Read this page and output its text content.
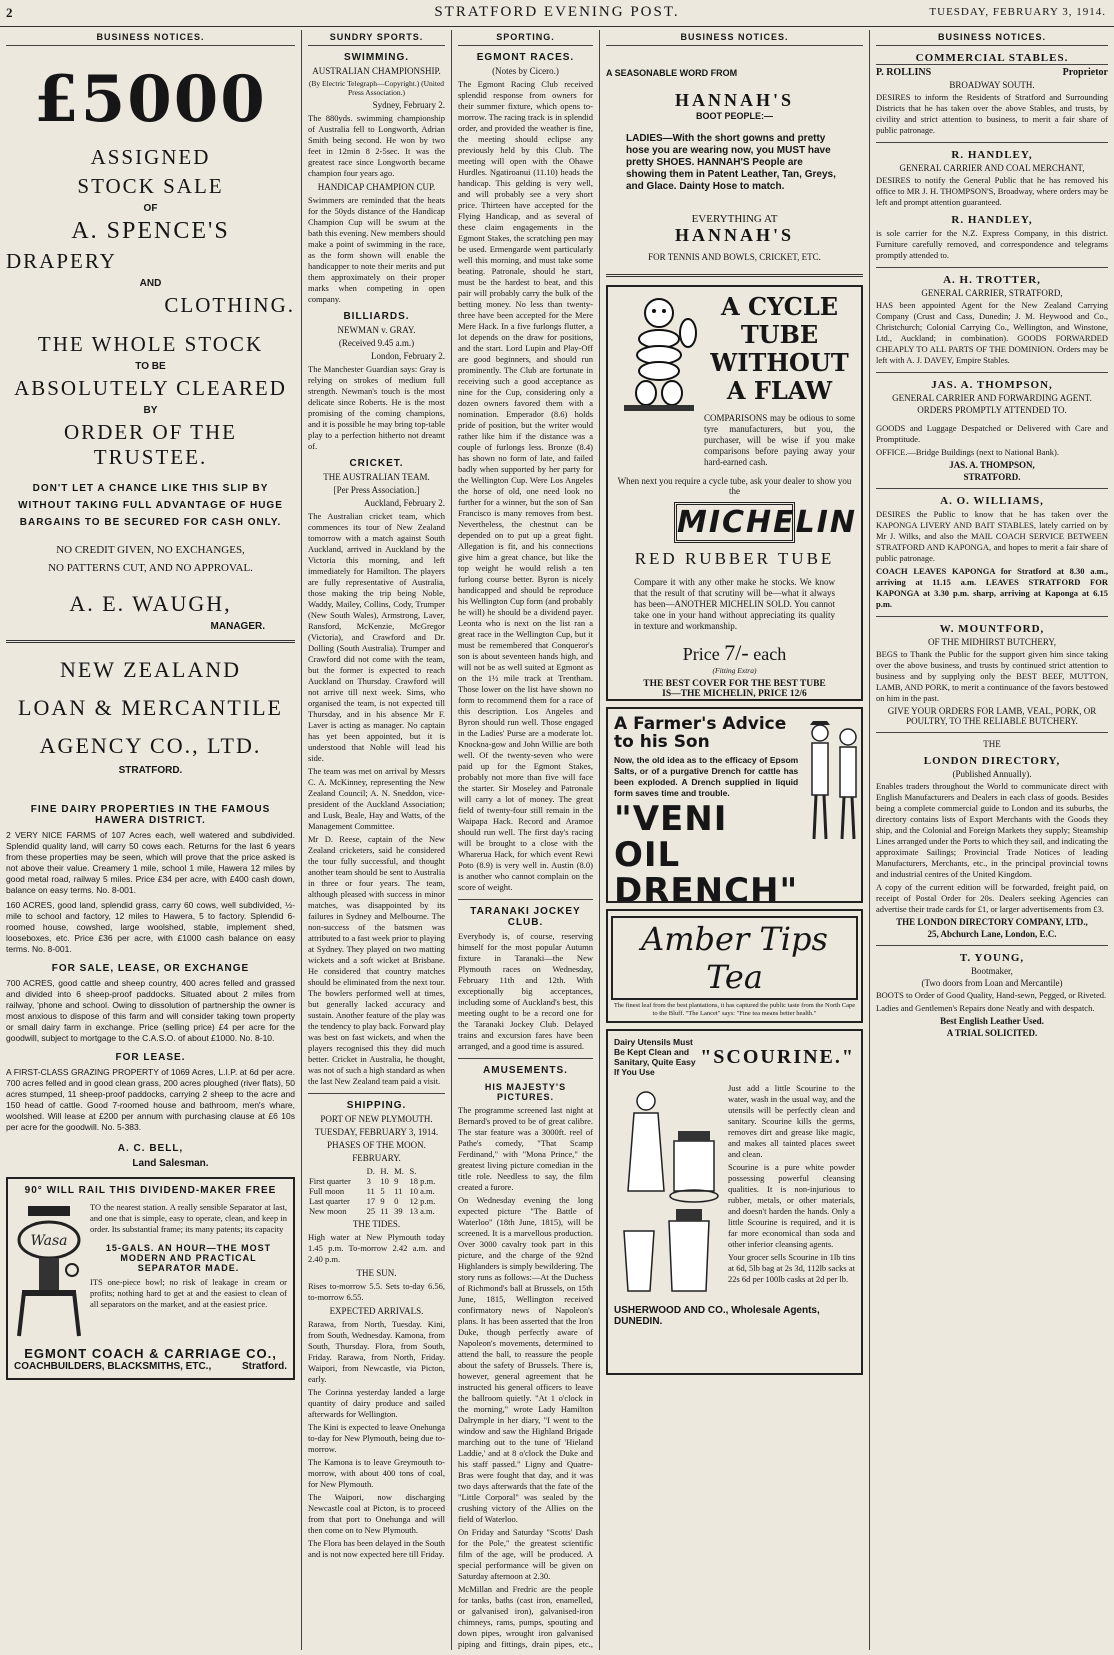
2	STRATFORD EVENING POST.	TUESDAY, FEBRUARY 3, 1914.
BUSINESS NOTICES.
£5000
ASSIGNED
STOCK SALE
OF
A. SPENCE'S
DRAPERY
AND
CLOTHING.
THE WHOLE STOCK
TO BE
ABSOLUTELY CLEARED
BY
ORDER OF THE TRUSTEE.
DON'T LET A CHANCE LIKE THIS SLIP BY WITHOUT TAKING FULL ADVANTAGE OF HUGE BARGAINS TO BE SECURED FOR CASH ONLY.
NO CREDIT GIVEN, NO EXCHANGES,
NO PATTERNS CUT, AND NO APPROVAL.
A. E. WAUGH,
MANAGER.
NEW ZEALAND
LOAN & MERCANTILE
AGENCY CO., LTD.
STRATFORD.
FINE DAIRY PROPERTIES IN THE FAMOUS HAWERA DISTRICT.
2 VERY NICE FARMS of 107 Acres each, well watered and subdivided. Splendid quality land, will carry 50 cows each. Returns for the last 6 years from these properties may be seen, which will prove that the price asked is not above their value. Creamery 1 mile, school 1 mile, Hawera 12 miles by good metal road, railway 5 miles. Price £34 per acre, with £400 cash down, balance on easy terms. No. 8-001.
160 ACRES, good land, splendid grass, carry 60 cows, well subdivided, ½-mile to school and factory, 12 miles to Hawera, 5 to factory. Splendid 6-roomed house, cowshed, large woolshed, stable, implement shed, looseboxes, etc. Price £36 per acre, with £1000 cash balance on easy terms. No. 8-001.
FOR SALE, LEASE, OR EXCHANGE
700 ACRES, good cattle and sheep country, 400 acres felled and grassed and divided into 6 sheep-proof paddocks. Situated about 2 miles from railway, 'phone and school. Owing to dissolution of partnership the owner is most anxious to dispose of this farm and will consider taking town property or small dairy farm in exchange. Price (selling price) £4 per acre for the goodwill, subject to mortgage to the C.A.S.O. of about £1000. No. 8-10.
FOR LEASE.
A FIRST-CLASS GRAZING PROPERTY of 1069 Acres, L.I.P. at 6d per acre. 700 acres felled and in good clean grass, 200 acres ploughed (river flats), 50 acres stumped, 11 sheep-proof paddocks, carrying 2 sheep to the acre and 150 head of cattle. Good 7-roomed house and bathroom, men's whare, woolshed. Will lease at £200 per annum with purchasing clause at £6 10s per acre for the goodwill. No. 5-383.
A. C. BELL,
Land Salesman.
90° WILL RAIL THIS DIVIDEND-MAKER FREE
Wasa
TO the nearest station. A really sensible Separator at last, and one that is simple, easy to operate, clean, and keep in order. Its substantial frame; its many patents; its capacity
15-GALS. AN HOUR—THE MOST MODERN AND PRACTICAL SEPARATOR MADE.
ITS one-piece bowl; no risk of leakage in cream or profits; nothing hard to get at and the easiest to clean of all separators on the market, and at the easiest price.
EGMONT COACH & CARRIAGE CO.,
COACHBUILDERS, BLACKSMITHS, ETC.,	Stratford.
SUNDRY SPORTS.
SWIMMING.
AUSTRALIAN CHAMPIONSHIP.
(By Electric Telegraph—Copyright.) (United Press Association.)
Sydney, February 2.
The 880yds. swimming championship of Australia fell to Longworth, Adrian Smith being second. He won by two feet in 12min 8 2-5sec. It was the greatest race since Longworth became champion four years ago.
HANDICAP CHAMPION CUP.
Swimmers are reminded that the heats for the 50yds distance of the Handicap Champion Cup will be swum at the bath this evening. New members should make a point of swimming in the race, as the form shown will enable the handicapper to note their merits and put them approximately on their proper marks when competing in open company.
BILLIARDS.
NEWMAN v. GRAY.
(Received 9.45 a.m.)
London, February 2.
The Manchester Guardian says: Gray is relying on strokes of medium full strength. Newman's touch is the most delicate since Roberts. He is the most promising of the coming champions, and it is possible he may bring top-table play to a perfection hitherto not dreamt of.
CRICKET.
THE AUSTRALIAN TEAM.
[Per Press Association.]
Auckland, February 2.
The Australian cricket team, which commences its tour of New Zealand tomorrow with a match against South Auckland, arrived in Auckland by the Victoria this morning, and left immediately for Hamilton. The players are fully representative of Australia, those making the trip being Noble, Waddy, Mailey, Collins, Cody, Trumper (New South Wales), Armstrong, Laver, Ransford, McKenzie, McGregor (Victoria), and Crawford and Dr. Dolling (South Australia). Trumper and Crawford did not come with the team, but the former is expected to reach Auckland on Thursday. Crawford will not arrive till next week. Sims, who organised the team, is not expected till Thursday, and in his absence Mr F. Laver is acting as manager. No captain has yet been appointed, but it is understood that Noble will lead his side.
The team was met on arrival by Messrs C. A. McKinney, representing the New Zealand Council; A. N. Sneddon, vice-president of the Auckland Association; and Lusk, Beale, Hay and Watts, of the Management Committee.
Mr D. Reese, captain of the New Zealand cricketers, said he considered the tour fully successful, and thought another team should be sent to Australia in three or four years. The team, although pleased with success in minor matches, was disappointed by its failures in Sydney and Melbourne. The non-success of the batsmen was attributed to a fast week prior to playing at Sydney. They played on two matting wickets and a soft wicket at Brisbane. He considered that country matches should be eliminated from the next tour. The bowlers performed well at times, but generally lacked accuracy and sustain. Another feature of the play was the tendency to play back. Forward play was best on fast wickets, and when the players recognised this they did much better. Cricket in Australia, he thought, was not of such a high standard as when the last New Zealand team paid a visit.
SHIPPING.
PORT OF NEW PLYMOUTH.
TUESDAY, FEBRUARY 3, 1914.
PHASES OF THE MOON.
FEBRUARY.
	D.	H.	M.	S.
First quarter	3	10	9	18 p.m.
Full moon	11	5	11	10 a.m.
Last quarter	17	9	0	12 p.m.
New moon	25	11	39	13 a.m.
THE TIDES.
High water at New Plymouth today 1.45 p.m. To-morrow 2.42 a.m. and 2.40 p.m.
THE SUN.
Rises to-morrow 5.5. Sets to-day 6.56, to-morrow 6.55.
EXPECTED ARRIVALS.
Rarawa, from North, Tuesday. Kini, from South, Wednesday. Kamona, from South, Thursday. Flora, from South, Friday. Rarawa, from North, Friday. Waipori, from Newcastle, via Picton, early.
The Corinna yesterday landed a large quantity of dairy produce and sailed afterwards for Wellington.
The Kini is expected to leave Onehunga to-day for New Plymouth, being due to-morrow.
The Kamona is to leave Greymouth to-morrow, with about 400 tons of coal, for New Plymouth.
The Waipori, now discharging Newcastle coal at Picton, is to proceed from that port to Onehunga and will then come on to New Plymouth.
The Flora has been delayed in the South and is not now expected here till Friday.
SPORTING.
EGMONT RACES.
(Notes by Cicero.)
The Egmont Racing Club received splendid response from owners for their summer fixture, which opens to-morrow. The racing track is in splendid order, and provided the weather is fine, the meeting should eclipse any previously held by this Club. The meeting will open with the Ohawe Hurdles. Ngatiroanui (11.10) heads the handicap. This gelding is very well, and will probably see a very short price. Thirteen have accepted for the Flying Handicap, and as several of these claim engagements in the Egmont Stakes, the scratching pen may be used. Ermengarde went particularly well this morning, and must take some beating. Patronale, should he start, must be the hardest to beat, and this pair will probably carry the bulk of the betting money. No less than twenty-three have been accepted for the Mere Mere Hack. In a five furlongs flutter, a lot depends on the draw for positions, and the start. Lord Lupin and Play-Off are good beginners, and should run prominently. The Club are fortunate in receiving such a good acceptance as nine for the Cup, considering only a dozen owners favored them with a nomination. Emperador (8.6) holds pride of position, but the writer would rather like him if the distance was a couple of furlongs less. Bronze (8.4) has shown no form of late, and failed badly when supported by her party for the Wellington Cup. Were Los Angeles the horse of old, one need look no further for a winner, but the son of San Francisco is many removes from best. Nevertheless, the chestnut can be depended on to put up a great fight. Allegation is fit, and his connections give him a great chance, but like the top weight he would relish a ten furlong course better. Byron is nicely handicapped and should be reproduce his Wellington Cup form (and probably he will) he should be a dividend payer. Leonta who is next on the list ran a great race in the Wellington Cup, but it must be remembered that Conqueror's son is about seventeen hands high, and will not be as well suited at Egmont as on the 1½ mile track at Trentham. Those lower on the list have shown no form to recommend them for a race of this description. Los Angeles and Byron should run well. Those engaged in the Ladies' Purse are a moderate lot. Knockna-gow and John Willie are both well. Of the twenty-seven who were paid up for the Egmont Stakes, probably not more than five will face the starter. Sir Moseley and Patronale will carry a lot of money. The great field of twenty-four still remain in the Waipapa Hack. Record and Aramoe should run well. The first day's racing will be brought to a close with the Wharerua Hack, for which event Rewi Poto (8.9) is very well in. Austin (8.0) is another who cannot complain on the score of weight.
TARANAKI JOCKEY CLUB.
Everybody is, of course, reserving himself for the most popular Autumn fixture in Taranaki—the New Plymouth races on Wednesday, February 11th and 12th. With exceptionally big acceptances, including some of Auckland's best, this meeting ought to be a record one for the Taranaki Jockey Club. Delayed trains and excursion fares have been arranged, and a good time is assured.
AMUSEMENTS.
HIS MAJESTY'S PICTURES.
The programme screened last night at Bernard's proved to be of great calibre. The star feature was a 3000ft. reel of Pathe's comedy, "That Scamp Ferdinand," with "Mona Prince," the greatest living picture comedian in the title role. Needless to say, the film created a furore.
On Wednesday evening the long expected picture "The Battle of Waterloo" (18th June, 1815), will be screened. It is a marvellous production. Over 3000 cavalry took part in this picture, and the charge of the 92nd Highlanders is simply bewildering. The story runs as follows:—At the Duchess of Richmond's ball at Brussels, on 15th June, 1815, Wellington received confirmatory news of Napoleon's plans. It has been asserted that the Iron Duke, though perfectly aware of Napoleon's movements, determined to attend the ball, to reassure the people about the safety of Brussels. There is, however, general agreement that he instructed his general officers to leave the ballroom quietly. "At 1 o'clock in the morning," wrote Lady Hamilton Dalrymple in her diary, "I went to the window and saw the Highland Brigade marching out to the tune of 'Hieland Laddie,' and at 8 o'clock the Duke and his staff passed." Ligny and Quatre-Bras were fought that day, and it was two days afterwards that the fate of the "Little Corporal" was sealed by the crushing victory of the Allies on the field of Waterloo.
On Friday and Saturday "Scotts' Dash for the Pole," the greatest scientific film of the age, will be produced. A special performance will be given on Saturday afternoon at 2.30.
McMillan and Fredric are the people for tanks, baths (cast iron, enamelled, or galvanised iron), galvanised-iron chimneys, rams, pumps, spouting and down pipes, wrought iron galvanised piping and fittings, drain pipes, etc.,
BUSINESS NOTICES.
A SEASONABLE WORD FROM
HANNAH'S
BOOT PEOPLE:—
LADIES—With the short gowns and pretty hose you are wearing now, you MUST have pretty SHOES. HANNAH'S People are showing them in Patent Leather, Tan, Greys, and Glace. Dainty Hose to match.
EVERYTHING AT
HANNAH'S
FOR TENNIS AND BOWLS, CRICKET, ETC.
A CYCLE TUBE
WITHOUT A FLAW
COMPARISONS may be odious to some tyre manufacturers, but you, the purchaser, will be wise if you make comparisons before paying away your hard-earned cash.
When next you require a cycle tube, ask your dealer to show you the
MICHELIN
RED RUBBER TUBE
Compare it with any other make he stocks. We know that the result of that scrutiny will be—what it always has been—ANOTHER MICHELIN SOLD. You cannot take one in your hand without appreciating its quality in texture and workmanship.
Price 7/- each
(Fitting Extra)
THE BEST COVER FOR THE BEST TUBE IS—THE MICHELIN, PRICE 12/6
A Farmer's Advice to his Son
Now, the old idea as to the efficacy of Epsom Salts, or of a purgative Drench for cattle has been exploded. A Drench supplied in liquid form saves time and trouble.
"VENI OIL
DRENCH"
Amber Tips Tea
The finest leaf from the best plantations, it has captured the public taste from the North Cape to the Bluff. "The Lancet" says: "Fine tea means better health."
Dairy Utensils Must Be Kept Clean and Sanitary, Quite Easy If You Use
"SCOURINE."
Just add a little Scourine to the water, wash in the usual way, and the utensils will be perfectly clean and sanitary. Scourine kills the germs, removes dirt and grease like magic, and makes all tainted places sweet and clean.
Scourine is a pure white powder possessing powerful cleansing qualities. It is non-injurious to rubber, metals, or other materials, and doesn't harden the hands. Only a little Scourine is required, and it is far more economical than soda and other inferior cleansing agents.
Your grocer sells Scourine in 1lb tins at 6d, 5lb bag at 2s 3d, 112lb sacks at 22s 6d per 100lb casks at 2d per lb.
USHERWOOD AND CO., Wholesale Agents, DUNEDIN.
BUSINESS NOTICES.
COMMERCIAL STABLES.
P. ROLLINS	Proprietor
BROADWAY SOUTH.
DESIRES to inform the Residents of Stratford and Surrounding Districts that he has taken over the above Stables, and trusts, by civility and strict attention to business, to merit a fair share of public patronage.
R. HANDLEY,
GENERAL CARRIER AND COAL MERCHANT,
DESIRES to notify the General Public that he has removed his office to MR J. H. THOMPSON'S, Broadway, where orders may be left and prompt attention guaranteed.
R. HANDLEY,
is sole carrier for the N.Z. Express Company, in this district. Furniture carefully removed, and correspondence and telegrams promptly attended to.
A. H. TROTTER,
GENERAL CARRIER, STRATFORD,
HAS been appointed Agent for the New Zealand Carrying Company (Crust and Cass, Dunedin; J. M. Heywood and Co., Christchurch; Colonial Carrying Co., Wellington, and Winstone, Ltd., Auckland; in combination). GOODS FORWARDED CHEAPLY TO ALL PARTS OF THE DOMINION. Orders may be left with A. J. DAVEY, Empire Stables.
JAS. A. THOMPSON,
GENERAL CARRIER AND FORWARDING AGENT.
ORDERS PROMPTLY ATTENDED TO.
GOODS and Luggage Despatched or Delivered with Care and Promptitude.
OFFICE.—Bridge Buildings (next to National Bank).
JAS. A. THOMPSON,
STRATFORD.
A. O. WILLIAMS,
DESIRES the Public to know that he has taken over the KAPONGA LIVERY AND BAIT STABLES, lately carried on by Mr J. Wilks, and also the MAIL COACH SERVICE BETWEEN STRATFORD AND KAPONGA, and hopes to merit a fair share of public patronage.
COACH LEAVES KAPONGA for Stratford at 8.30 a.m., arriving at 11.15 a.m. LEAVES STRATFORD FOR KAPONGA at 3.30 p.m. sharp, arriving at Kaponga at 6.15 p.m.
W. MOUNTFORD,
OF THE MIDHIRST BUTCHERY,
BEGS to Thank the Public for the support given him since taking over the above business, and trusts by continued strict attention to business and by supplying only the BEST BEEF, MUTTON, LAMB, AND PORK, to merit a continuance of the favors bestowed on him in the past.
GIVE YOUR ORDERS FOR LAMB, VEAL, PORK, OR POULTRY, TO THE RELIABLE BUTCHERY.
THE
LONDON DIRECTORY,
(Published Annually).
Enables traders throughout the World to communicate direct with English Manufacturers and Dealers in each class of goods. Besides being a complete commercial guide to London and its suburbs, the directory contains lists of Export Merchants with the Goods they ship, and the Colonial and Foreign Markets they supply; Steamship Lines arranged under the Ports to which they sail, and indicating the approximate Sailings; Provincial Trade Notices of leading Manufacturers, Merchants, etc., in the principal provincial towns and industrial centres of the United Kingdom.
A copy of the current edition will be forwarded, freight paid, on receipt of Postal Order for 20s. Dealers seeking Agencies can advertise their trade cards for £1, or larger advertisements from £3.
THE LONDON DIRECTORY COMPANY, LTD.,
25, Abchurch Lane, London, E.C.
T. YOUNG,
Bootmaker,
(Two doors from Loan and Mercantile)
BOOTS to Order of Good Quality, Hand-sewn, Pegged, or Riveted.
Ladies and Gentlemen's Repairs done Neatly and with despatch.
Best English Leather Used.
A TRIAL SOLICITED.
